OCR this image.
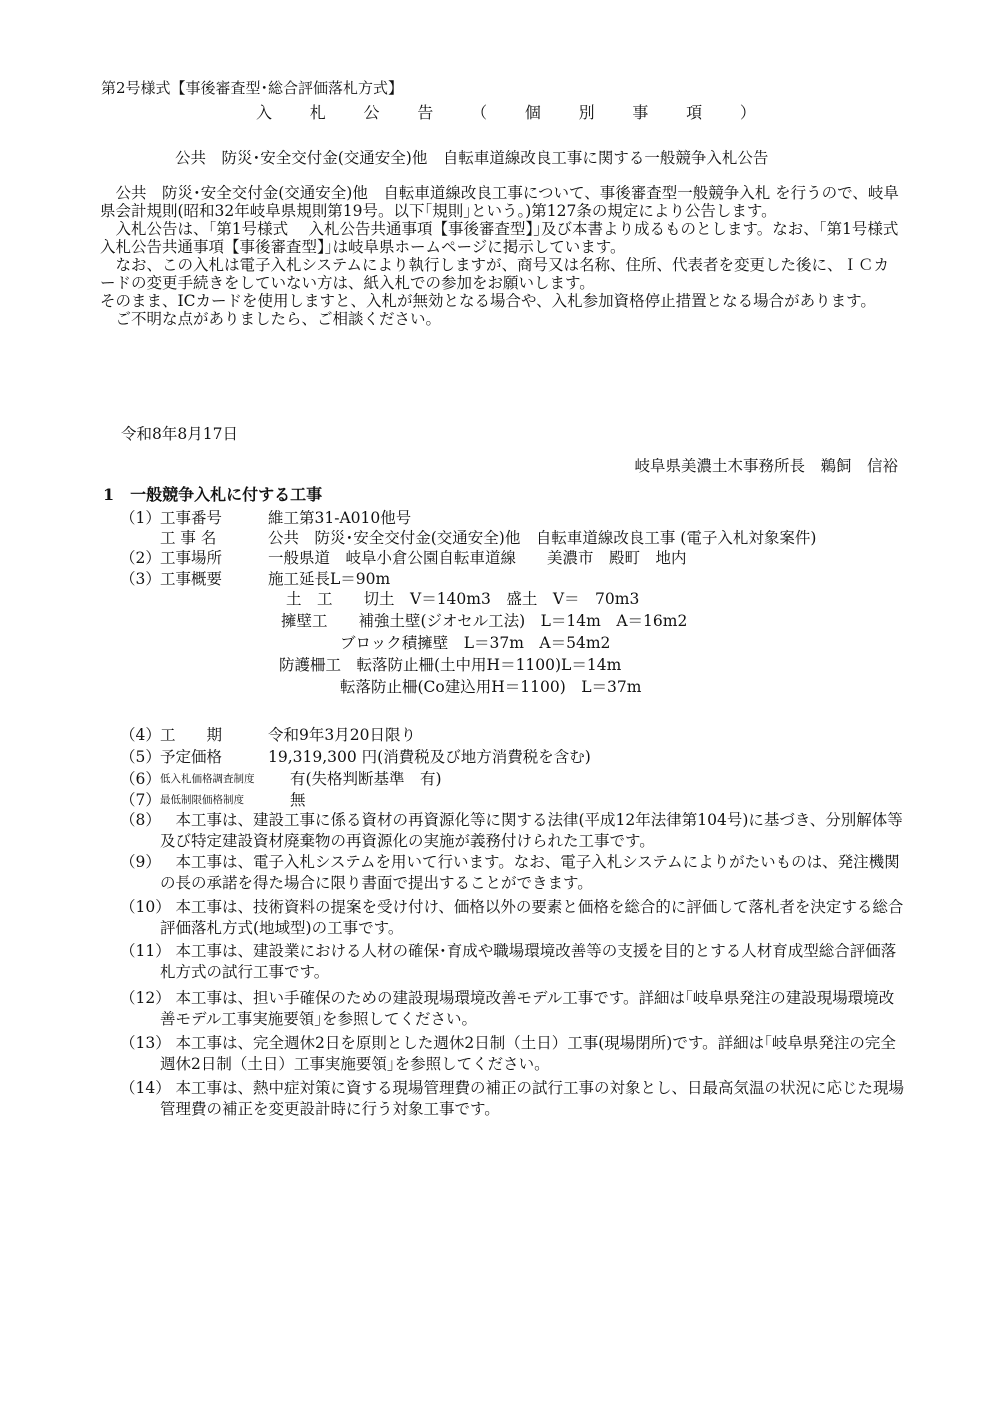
第2号様式【事後審査型･総合評価落札方式】
入 札 公 告 （ 個 別 事 項 ）
公共　防災･安全交付金(交通安全)他　自転車道線改良工事に関する一般競争入札公告

公共　防災･安全交付金(交通安全)他　自転車道線改良工事について、事後審査型一般競争入札 を行うので、岐阜県会計規則(昭和32年岐阜県規則第19号。以下｢規則｣という。)第127条の規定により公告します。

入札公告は、｢第1号様式　 入札公告共通事項【事後審査型】｣及び本書より成るものとします。なお、｢第1号様式　 入札公告共通事項【事後審査型】｣は岐阜県ホームページに掲示しています。

なお、この入札は電子入札システムにより執行しますが、商号又は名称、住所、代表者を変更した後に、ＩＣカードの変更手続きをしていない方は、紙入札での参加をお願いします。

そのまま、ICカードを使用しますと、入札が無効となる場合や、入札参加資格停止措置となる場合があります。

ご不明な点がありましたら、ご相談ください。

令和8年8月17日
岐阜県美濃土木事務所長　鵜飼　信裕
1　一般競争入札に付する工事
（1） 工事番号	維工第31-A010他号
工 事 名	公共　防災･安全交付金(交通安全)他　自転車道線改良工事 (電子入札対象案件)
（2） 工事場所	一般県道　岐阜小倉公園自転車道線　　美濃市　殿町　地内
（3） 工事概要	施工延長L＝90m
土　工　　切土　V＝140m3　盛土　V＝　70m3
擁壁工　　補強土壁(ジオセル工法)　L＝14m　A＝16m2
ブロック積擁壁　L＝37m　A＝54m2
防護柵工　転落防止柵(土中用H＝1100)L＝14m
転落防止柵(Co建込用H＝1100)　L＝37m
（4） 工　　期	令和9年3月20日限り
（5） 予定価格	19,319,300 円(消費税及び地方消費税を含む)
（6） 低入札価格調査制度 有(失格判断基準　有)
（7） 最低制限価格制度	無
（8） 本工事は、建設工事に係る資材の再資源化等に関する法律(平成12年法律第104号)に基づき、分別解体等及び特定建設資材廃棄物の再資源化の実施が義務付けられた工事です。
（9） 本工事は、電子入札システムを用いて行います。なお、電子入札システムによりがたいものは、発注機関の長の承諾を得た場合に限り書面で提出することができます。
（10） 本工事は、技術資料の提案を受け付け、価格以外の要素と価格を総合的に評価して落札者を決定する総合評価落札方式(地域型)の工事です。
（11） 本工事は、建設業における人材の確保･育成や職場環境改善等の支援を目的とする人材育成型総合評価落札方式の試行工事です。
（12） 本工事は、担い手確保のための建設現場環境改善モデル工事です。詳細は｢岐阜県発注の建設現場環境改善モデル工事実施要領｣を参照してください。
（13） 本工事は、完全週休2日を原則とした週休2日制（土日）工事(現場閉所)です。詳細は｢岐阜県発注の完全週休2日制（土日）工事実施要領｣を参照してください。
（14） 本工事は、熱中症対策に資する現場管理費の補正の試行工事の対象とし、日最高気温の状況に応じた現場管理費の補正を変更設計時に行う対象工事です。
